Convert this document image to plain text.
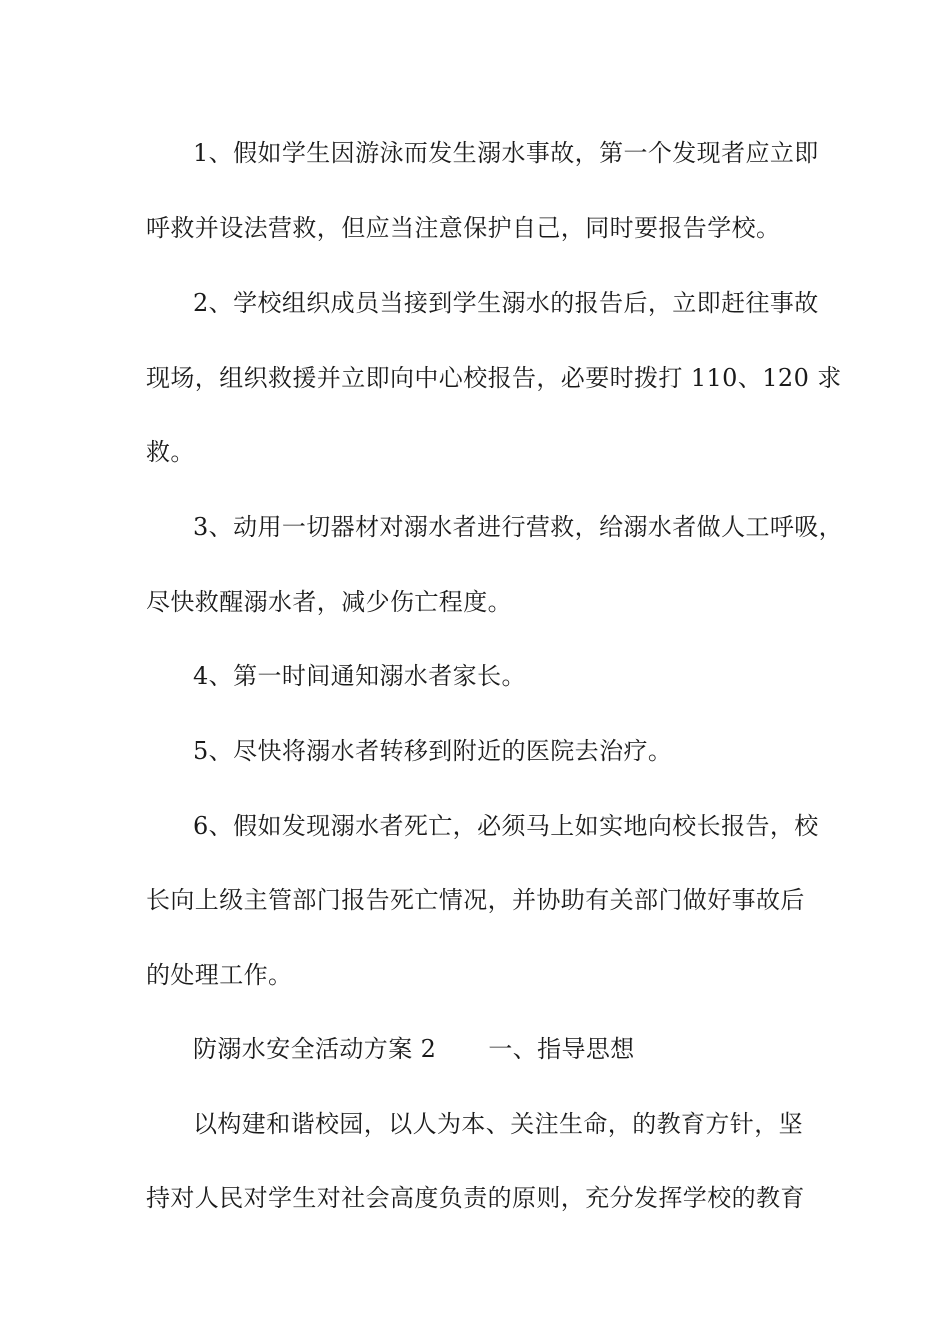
1、假如学生因游泳而发生溺水事故，第一个发现者应立即
呼救并设法营救，但应当注意保护自己，同时要报告学校。
2、学校组织成员当接到学生溺水的报告后，立即赶往事故
现场，组织救援并立即向中心校报告，必要时拨打 110、120 求
救。
3、动用一切器材对溺水者进行营救，给溺水者做人工呼吸，
尽快救醒溺水者，减少伤亡程度。
4、第一时间通知溺水者家长。
5、尽快将溺水者转移到附近的医院去治疗。
6、假如发现溺水者死亡，必须马上如实地向校长报告，校
长向上级主管部门报告死亡情况，并协助有关部门做好事故后
的处理工作。
防溺水安全活动方案 2 一、指导思想
以构建和谐校园，以人为本、关注生命，的教育方针，坚
持对人民对学生对社会高度负责的原则，充分发挥学校的教育
